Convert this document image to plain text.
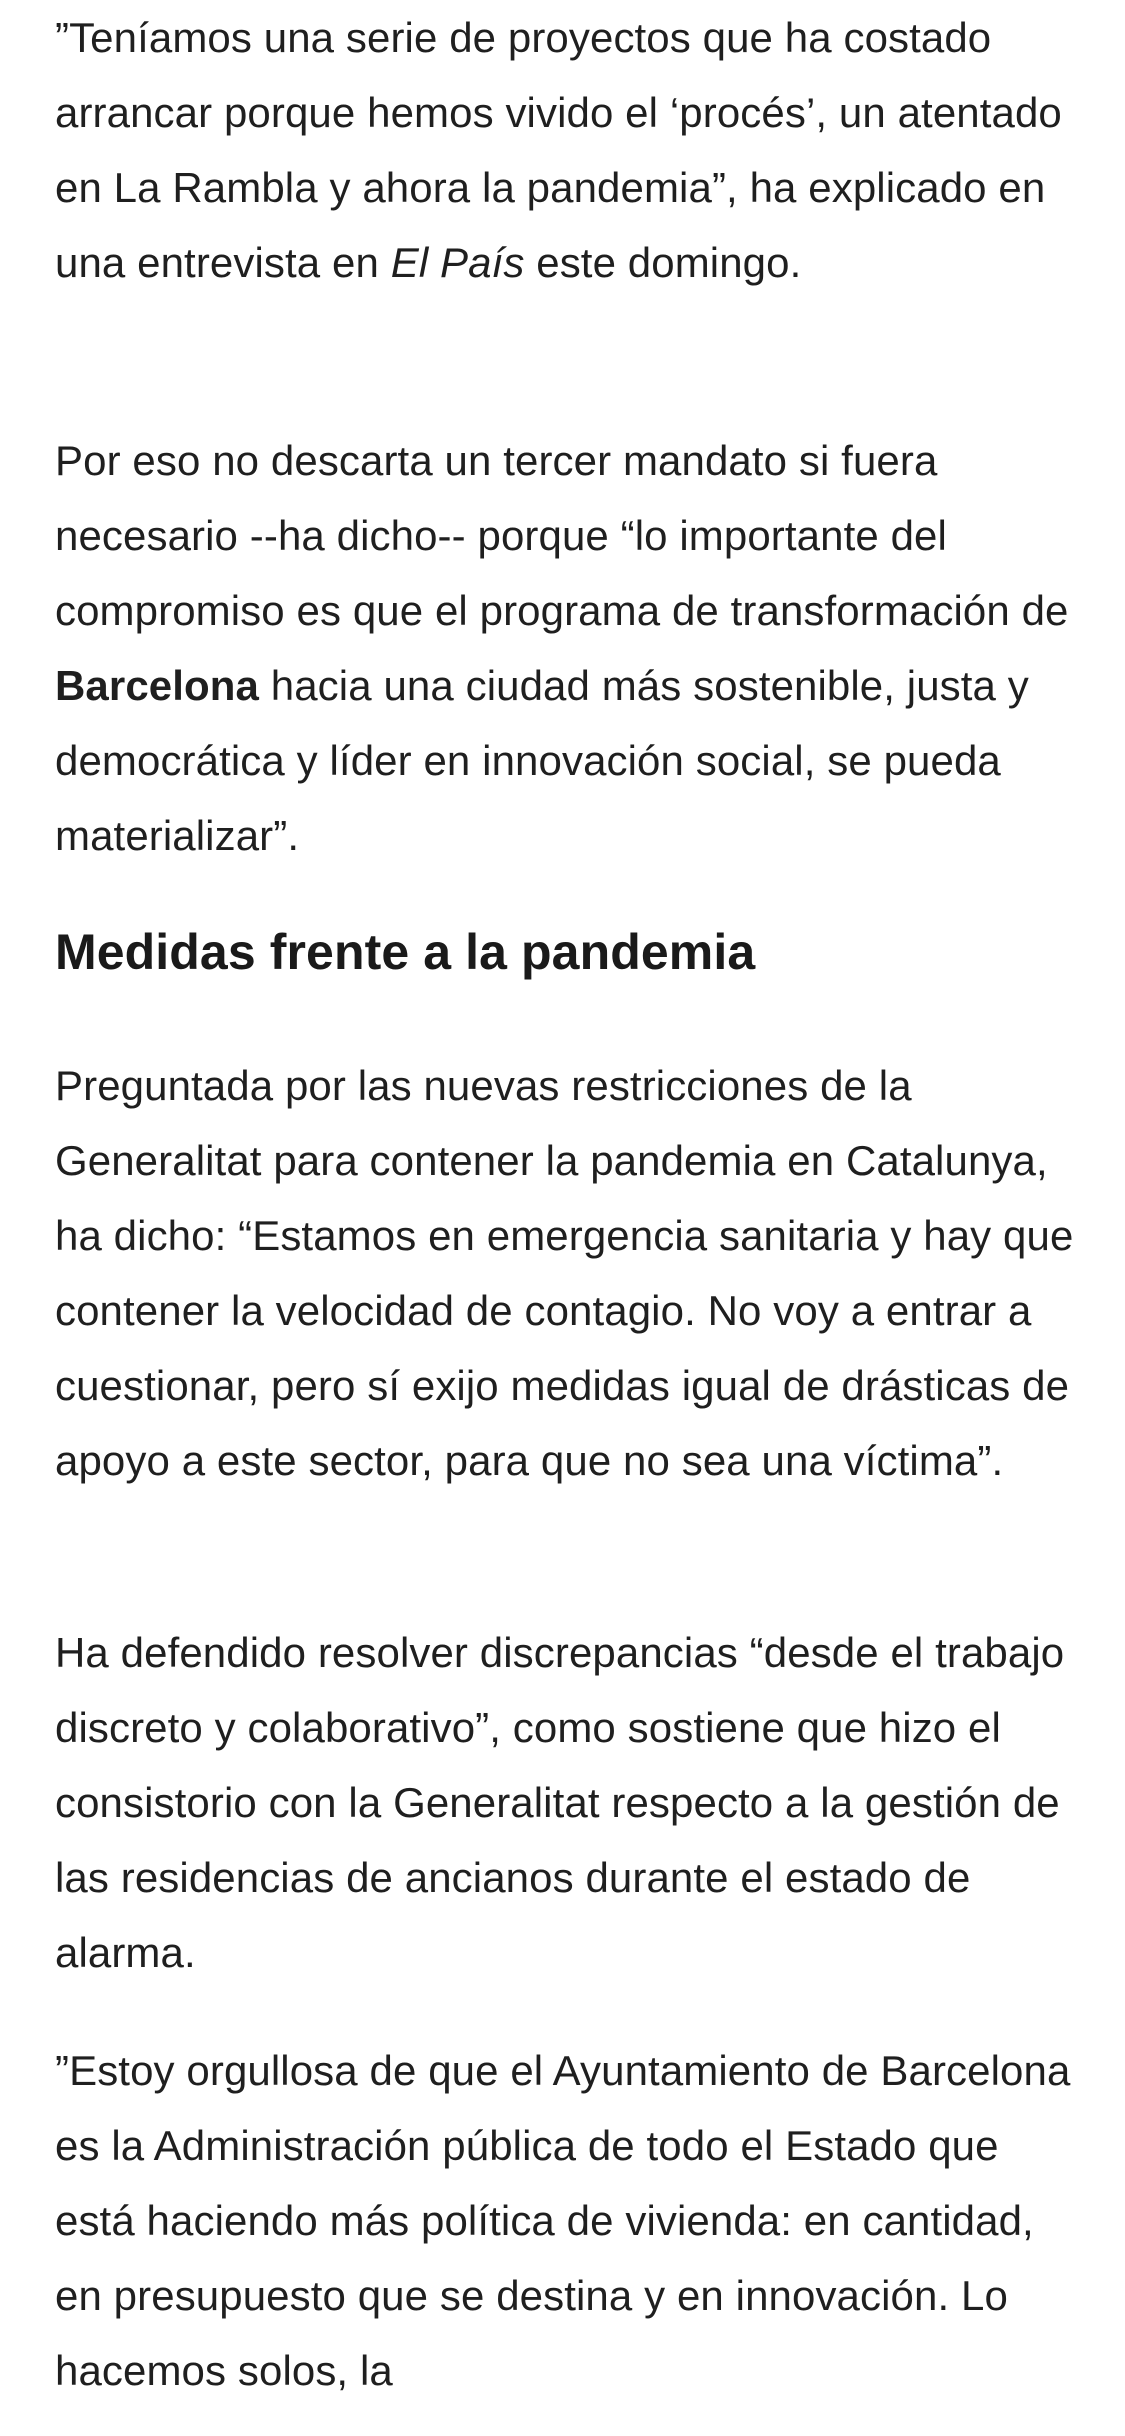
”Teníamos una serie de proyectos que ha costado arrancar porque hemos vivido el ‘procés’, un atentado en La Rambla y ahora la pandemia”, ha explicado en una entrevista en El País este domingo.

Por eso no descarta un tercer mandato si fuera necesario --ha dicho-- porque “lo importante del compromiso es que el programa de transformación de Barcelona hacia una ciudad más sostenible, justa y democrática y líder en innovación social, se pueda materializar”.

Medidas frente a la pandemia

Preguntada por las nuevas restricciones de la Generalitat para contener la pandemia en Catalunya, ha dicho: “Estamos en emergencia sanitaria y hay que contener la velocidad de contagio. No voy a entrar a cuestionar, pero sí exijo medidas igual de drásticas de apoyo a este sector, para que no sea una víctima”.

Ha defendido resolver discrepancias “desde el trabajo discreto y colaborativo”, como sostiene que hizo el consistorio con la Generalitat respecto a la gestión de las residencias de ancianos durante el estado de alarma.

”Estoy orgullosa de que el Ayuntamiento de Barcelona es la Administración pública de todo el Estado que está haciendo más política de vivienda: en cantidad, en presupuesto que se destina y en innovación. Lo hacemos solos, la
